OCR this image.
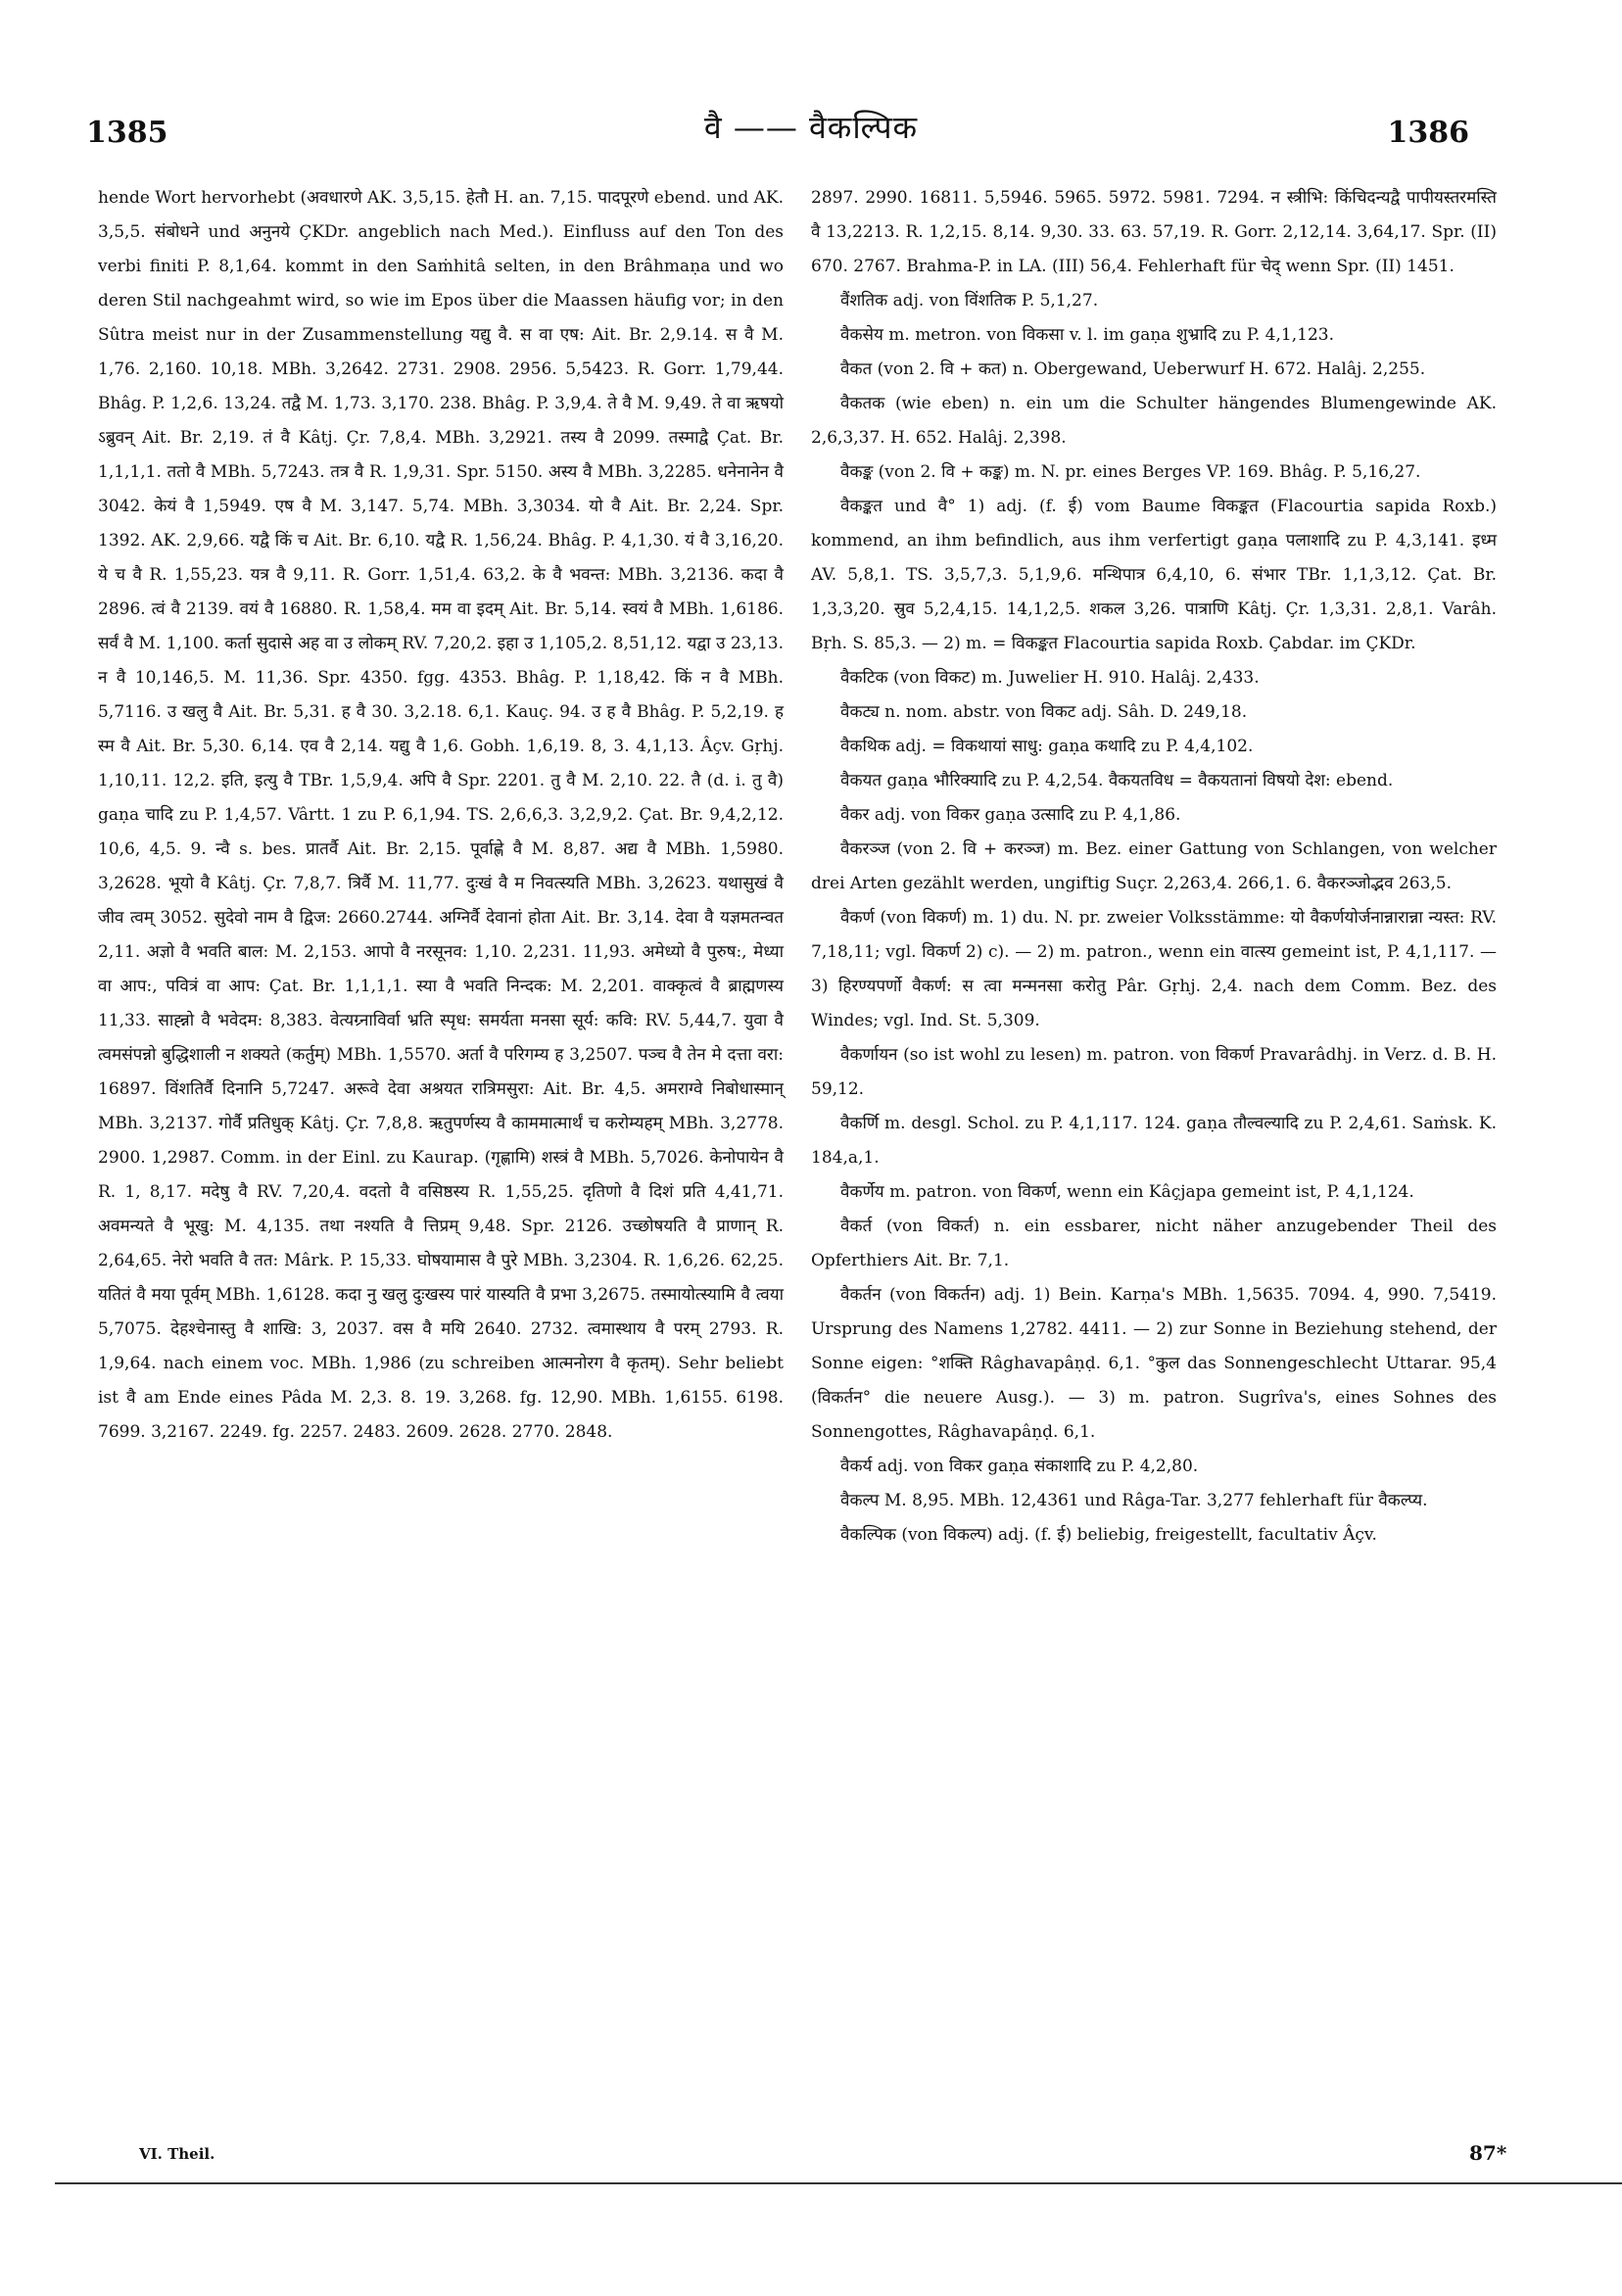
1385	वै —— वैकल्पिक	1386

hende Wort hervorhebt (अवधारणे AK. 3,5,15. हेतौ H. an. 7,15. पादपूरणे ebend. und AK. 3,5,5. संबोधने und अनुनये ÇKDr. angeblich nach Med.). Einfluss auf den Ton des verbi finiti P. 8,1,64. kommt in den Saṁhitâ selten, in den Brâhmaṇa und wo deren Stil nachgeahmt wird, so wie im Epos über die Maassen häufig vor; in den Sûtra meist nur in der Zusammenstellung यद्यु वै. स वा एष: Ait. Br. 2,9.14. स वै M. 1,76. 2,160. 10,18. MBh. 3,2642. 2731. 2908. 2956. 5,5423. R. Gorr. 1,79,44. Bhâg. P. 1,2,6. 13,24. तद्वै M. 1,73. 3,170. 238. Bhâg. P. 3,9,4. ते वै M. 9,49. ते वा ऋषयो ऽब्रुवन् Ait. Br. 2,19. तं वै Kâtj. Çr. 7,8,4. MBh. 3,2921. तस्य वै 2099. तस्माद्वै Çat. Br. 1,1,1,1. ततो वै MBh. 5,7243. तत्र वै R. 1,9,31. Spr. 5150. अस्य वै MBh. 3,2285. धनेनानेन वै 3042. केयं वै 1,5949. एष वै M. 3,147. 5,74. MBh. 3,3034. यो वै Ait. Br. 2,24. Spr. 1392. AK. 2,9,66. यद्वै किं च Ait. Br. 6,10. यद्वै R. 1,56,24. Bhâg. P. 4,1,30. यं वै 3,16,20. ये च वै R. 1,55,23. यत्र वै 9,11. R. Gorr. 1,51,4. 63,2. के वै भवन्त: MBh. 3,2136. कदा वै 2896. त्वं वै 2139. वयं वै 16880. R. 1,58,4. मम वा इदम् Ait. Br. 5,14. स्वयं वै MBh. 1,6186. सर्वं वै M. 1,100. कर्ता सुदासे अह वा उ लोकम् RV. 7,20,2. इहा उ 1,105,2. 8,51,12. यद्वा उ 23,13. न वै 10,146,5. M. 11,36. Spr. 4350. fgg. 4353. Bhâg. P. 1,18,42. किं न वै MBh. 5,7116. उ खलु वै Ait. Br. 5,31. ह वै 30. 3,2.18. 6,1. Kauç. 94. उ ह वै Bhâg. P. 5,2,19. ह स्म वै Ait. Br. 5,30. 6,14. एव वै 2,14. यद्यु वै 1,6. Gobh. 1,6,19. 8, 3. 4,1,13. Âçv. Gṛhj. 1,10,11. 12,2. इति, इत्यु वै TBr. 1,5,9,4. अपि वै Spr. 2201. तु वै M. 2,10. 22. तै (d. i. तु वै) gaṇa चादि zu P. 1,4,57. Vârtt. 1 zu P. 6,1,94. TS. 2,6,6,3. 3,2,9,2. Çat. Br. 9,4,2,12. 10,6, 4,5. 9. न्वै s. bes. प्रातर्वै Ait. Br. 2,15. पूर्वाह्णे वै M. 8,87. अद्य वै MBh. 1,5980. 3,2628. भूयो वै Kâtj. Çr. 7,8,7. त्रिर्वै M. 11,77. दुःखं वै म निवत्स्यति MBh. 3,2623. यथासुखं वै जीव त्वम् 3052. सुदेवो नाम वै द्विज: 2660.2744. अग्निर्वै देवानां होता Ait. Br. 3,14. देवा वै यज्ञमतन्वत 2,11. अज्ञो वै भवति बाल: M. 2,153. आपो वै नरसूनव: 1,10. 2,231. 11,93. अमेध्यो वै पुरुष:, मेध्या वा आप:, पवित्रं वा आप: Çat. Br. 1,1,1,1. स्या वै भवति निन्दक: M. 2,201. वाक्कृत्वं वै ब्राह्मणस्य 11,33. साह्न्नो वै भवेदम: 8,383. वेत्यग्र्नाविर्वा भ्रति स्पृध: समर्यता मनसा सूर्य: कवि: RV. 5,44,7. युवा वै त्वमसंपन्नो बुद्धिशाली न शक्यते (कर्तुम्) MBh. 1,5570. अर्ता वै परिगम्य ह 3,2507. पञ्च वै तेन मे दत्ता वरा: 16897. विंशतिर्वै दिनानि 5,7247. अरूवे देवा अश्रयत रात्रिमसुरा: Ait. Br. 4,5. अमराग्वे निबोधास्मान् MBh. 3,2137. गोर्वै प्रतिधुक् Kâtj. Çr. 7,8,8. ऋतुपर्णस्य वै काममात्मार्थं च करोम्यहम् MBh. 3,2778. 2900. 1,2987. Comm. in der Einl. zu Kaurap. (गृह्णामि) शस्त्रं वै MBh. 5,7026. केनोपायेन वै R. 1, 8,17. मदेषु वै RV. 7,20,4. वदतो वै वसिष्ठस्य R. 1,55,25. दृतिणो वै दिशं प्रति 4,41,71. अवमन्यते वै भूखु: M. 4,135. तथा नश्यति वै त्तिप्रम् 9,48. Spr. 2126. उच्छोषयति वै प्राणान् R. 2,64,65. नेरो भवति वै तत: Mârk. P. 15,33. घोषयामास वै पुरे MBh. 3,2304. R. 1,6,26. 62,25. यतितं वै मया पूर्वम् MBh. 1,6128. कदा नु खलु दुःखस्य पारं यास्यति वै प्रभा 3,2675. तस्मायोत्स्यामि वै त्वया 5,7075. देहश्चेनास्तु वै शाखि: 3, 2037. वस वै मयि 2640. 2732. त्वमास्थाय वै परम् 2793. R. 1,9,64. nach einem voc. MBh. 1,986 (zu schreiben आत्मनोरग वै कृतम्). Sehr beliebt ist वै am Ende eines Pâda M. 2,3. 8. 19. 3,268. fg. 12,90. MBh. 1,6155. 6198. 7699. 3,2167. 2249. fg. 2257. 2483. 2609. 2628. 2770. 2848.

2897. 2990. 16811. 5,5946. 5965. 5972. 5981. 7294. न स्त्रीभि: किंचिदन्यद्वै पापीयस्तरमस्ति वै 13,2213. R. 1,2,15. 8,14. 9,30. 33. 63. 57,19. R. Gorr. 2,12,14. 3,64,17. Spr. (II) 670. 2767. Brahma-P. in LA. (III) 56,4. Fehlerhaft für चेद् wenn Spr. (II) 1451.

वैंशतिक adj. von विंशतिक P. 5,1,27.

वैकसेय m. metron. von विकसा v. l. im gaṇa शुभ्रादि zu P. 4,1,123.

वैकत (von 2. वि + कत) n. Obergewand, Ueberwurf H. 672. Halâj. 2,255.

वैकतक (wie eben) n. ein um die Schulter hängendes Blumengewinde AK. 2,6,3,37. H. 652. Halâj. 2,398.

वैकङ्क (von 2. वि + कङ्क) m. N. pr. eines Berges VP. 169. Bhâg. P. 5,16,27.

वैकङ्कत und वै° 1) adj. (f. ई) vom Baume विकङ्कत (Flacourtia sapida Roxb.) kommend, an ihm befindlich, aus ihm verfertigt gaṇa पलाशादि zu P. 4,3,141. इध्म AV. 5,8,1. TS. 3,5,7,3. 5,1,9,6. मन्थिपात्र 6,4,10, 6. संभार TBr. 1,1,3,12. Çat. Br. 1,3,3,20. स्रुव 5,2,4,15. 14,1,2,5. शकल 3,26. पात्राणि Kâtj. Çr. 1,3,31. 2,8,1. Varâh. Bṛh. S. 85,3. — 2) m. = विकङ्कत Flacourtia sapida Roxb. Çabdar. im ÇKDr.

वैकटिक (von विकट) m. Juwelier H. 910. Halâj. 2,433.

वैकट्य n. nom. abstr. von विकट adj. Sâh. D. 249,18.

वैकथिक adj. = विकथायां साधु: gaṇa कथादि zu P. 4,4,102.

वैकयत gaṇa भौरिक्यादि zu P. 4,2,54. वैकयतविध = वैकयतानां विषयो देश: ebend.

वैकर adj. von विकर gaṇa उत्सादि zu P. 4,1,86.

वैकरञ्ज (von 2. वि + करञ्ज) m. Bez. einer Gattung von Schlangen, von welcher drei Arten gezählt werden, ungiftig Suçr. 2,263,4. 266,1. 6. वैकरञ्जोद्भव 263,5.

वैकर्ण (von विकर्ण) m. 1) du. N. pr. zweier Volksstämme: यो वैकर्णयोर्जनान्नारान्ना न्यस्त: RV. 7,18,11; vgl. विकर्ण 2) c). — 2) m. patron., wenn ein वात्स्य gemeint ist, P. 4,1,117. — 3) हिरण्यपर्णो वैकर्ण: स त्वा मन्मनसा करोतु Pâr. Gṛhj. 2,4. nach dem Comm. Bez. des Windes; vgl. Ind. St. 5,309.

वैकर्णायन (so ist wohl zu lesen) m. patron. von विकर्ण Pravarâdhj. in Verz. d. B. H. 59,12.

वैकर्णि m. desgl. Schol. zu P. 4,1,117. 124. gaṇa तौल्वल्यादि zu P. 2,4,61. Saṁsk. K. 184,a,1.

वैकर्णेय m. patron. von विकर्ण, wenn ein Kâçjapa gemeint ist, P. 4,1,124.

वैकर्त (von विकर्त) n. ein essbarer, nicht näher anzugebender Theil des Opferthiers Ait. Br. 7,1.

वैकर्तन (von विकर्तन) adj. 1) Bein. Karṇa's MBh. 1,5635. 7094. 4, 990. 7,5419. Ursprung des Namens 1,2782. 4411. — 2) zur Sonne in Beziehung stehend, der Sonne eigen: °शक्ति Râghavapâṇḍ. 6,1. °कुल das Sonnengeschlecht Uttarar. 95,4 (विकर्तन° die neuere Ausg.). — 3) m. patron. Sugrîva's, eines Sohnes des Sonnengottes, Râghavapâṇḍ. 6,1.

वैकर्य adj. von विकर gaṇa संकाशादि zu P. 4,2,80.

वैकल्प M. 8,95. MBh. 12,4361 und Râga-Tar. 3,277 fehlerhaft für वैकल्प्य.

वैकल्पिक (von विकल्प) adj. (f. ई) beliebig, freigestellt, facultativ Âçv.

VI. Theil.	87*
